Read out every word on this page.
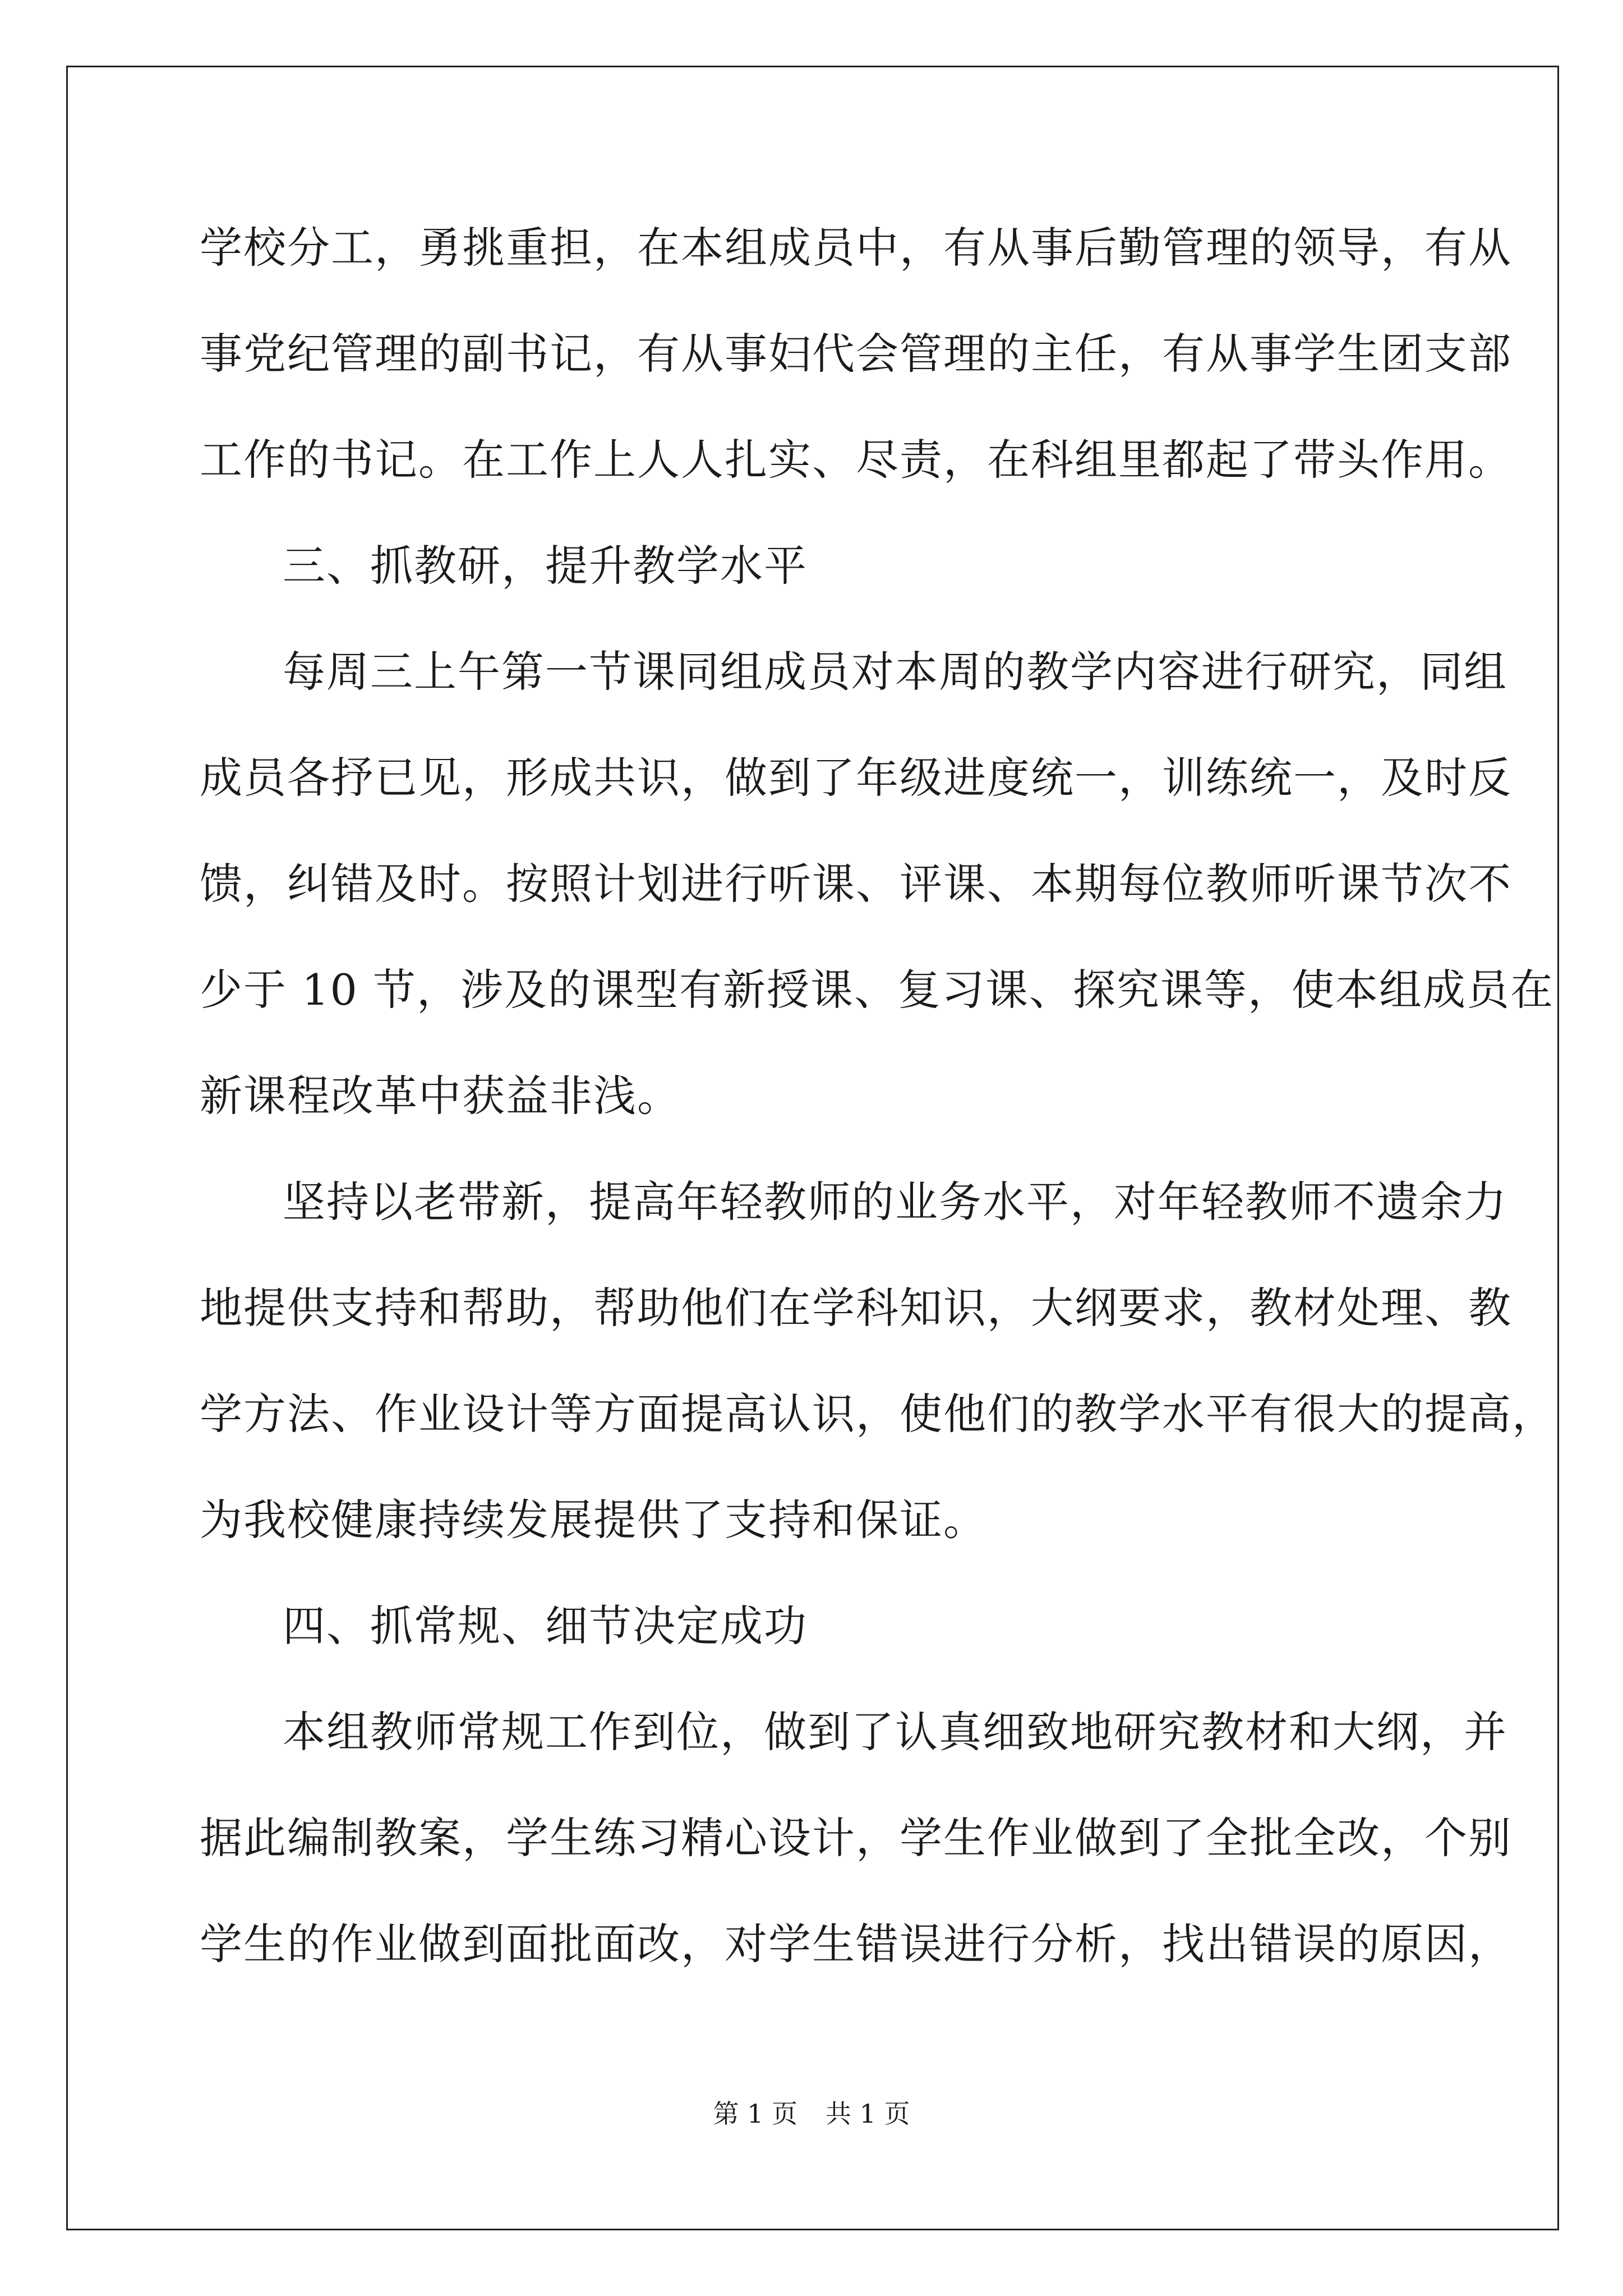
学校分工，勇挑重担，在本组成员中，有从事后勤管理的领导，有从
事党纪管理的副书记，有从事妇代会管理的主任，有从事学生团支部
工作的书记。在工作上人人扎实、尽责，在科组里都起了带头作用。
三、抓教研，提升教学水平
每周三上午第一节课同组成员对本周的教学内容进行研究，同组
成员各抒已见，形成共识，做到了年级进度统一，训练统一，及时反
馈，纠错及时。按照计划进行听课、评课、本期每位教师听课节次不
少于 10 节，涉及的课型有新授课、复习课、探究课等，使本组成员在
新课程改革中获益非浅。
坚持以老带新，提高年轻教师的业务水平，对年轻教师不遗余力
地提供支持和帮助，帮助他们在学科知识，大纲要求，教材处理、教
学方法、作业设计等方面提高认识，使他们的教学水平有很大的提高，
为我校健康持续发展提供了支持和保证。
四、抓常规、细节决定成功
本组教师常规工作到位，做到了认真细致地研究教材和大纲，并
据此编制教案，学生练习精心设计，学生作业做到了全批全改，个别
学生的作业做到面批面改，对学生错误进行分析，找出错误的原因，
第 1 页 共 1 页
